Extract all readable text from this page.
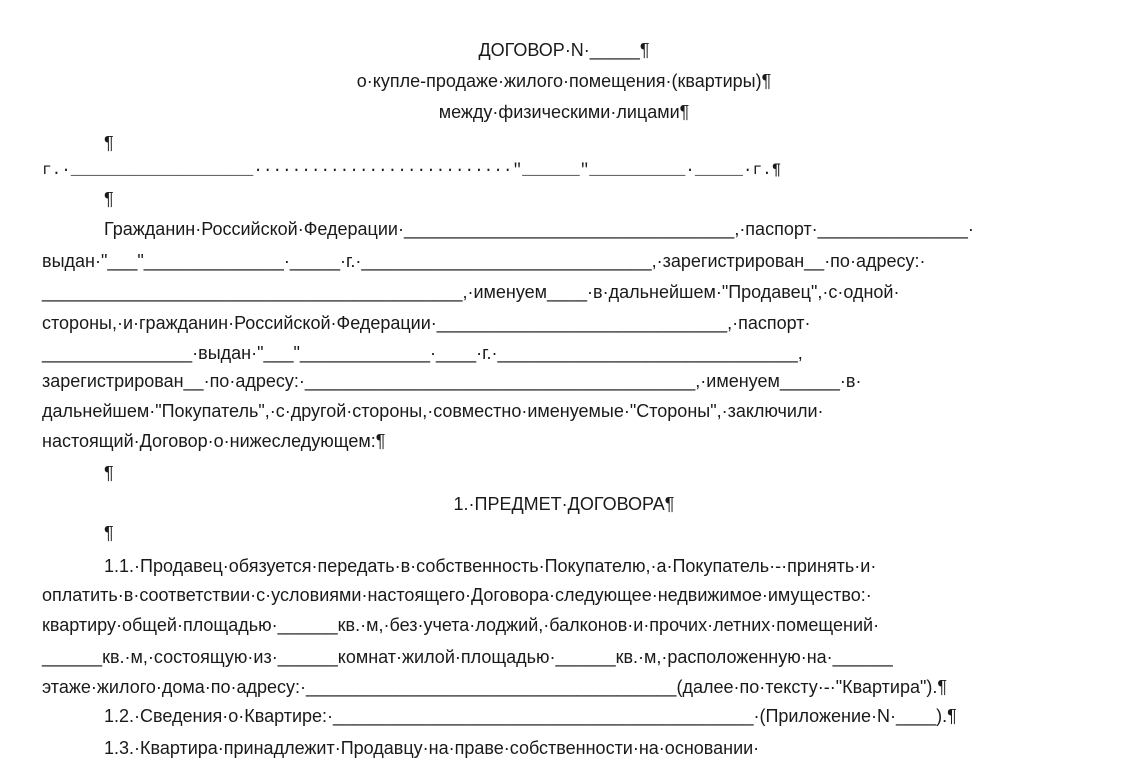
ДОГОВОР·N·_____¶
о·купле-продаже·жилого·помещения·(квартиры)¶
между·физическими·лицами¶
¶
г.·___________________···························"______"__________·_____·г.¶
¶
Гражданин·Российской·Федерации·_________________________________,·паспорт·_______________·
выдан·"___"______________·_____·г.·_____________________________,·зарегистрирован__·по·адресу:·
__________________________________________,·именуем____·в·дальнейшем·"Продавец",·с·одной·
стороны,·и·гражданин·Российской·Федерации·_____________________________,·паспорт·
_______________·выдан·"___"_____________·____·г.·______________________________,
зарегистрирован__·по·адресу:·_______________________________________,·именуем______·в·
дальнейшем·"Покупатель",·с·другой·стороны,·совместно·именуемые·"Стороны",·заключили·
настоящий·Договор·о·нижеследующем:¶
¶
1.·ПРЕДМЕТ·ДОГОВОРА¶
¶
1.1.·Продавец·обязуется·передать·в·собственность·Покупателю,·а·Покупатель·-·принять·и·
оплатить·в·соответствии·с·условиями·настоящего·Договора·следующее·недвижимое·имущество:·
квартиру·общей·площадью·______кв.·м,·без·учета·лоджий,·балконов·и·прочих·летних·помещений·
______кв.·м,·состоящую·из·______комнат·жилой·площадью·______кв.·м,·расположенную·на·______
этаже·жилого·дома·по·адресу:·_____________________________________(далее·по·тексту·-·"Квартира").¶
1.2.·Сведения·о·Квартире:·__________________________________________·(Приложение·N·____).¶
1.3.·Квартира·принадлежит·Продавцу·на·праве·собственности·на·основании·
